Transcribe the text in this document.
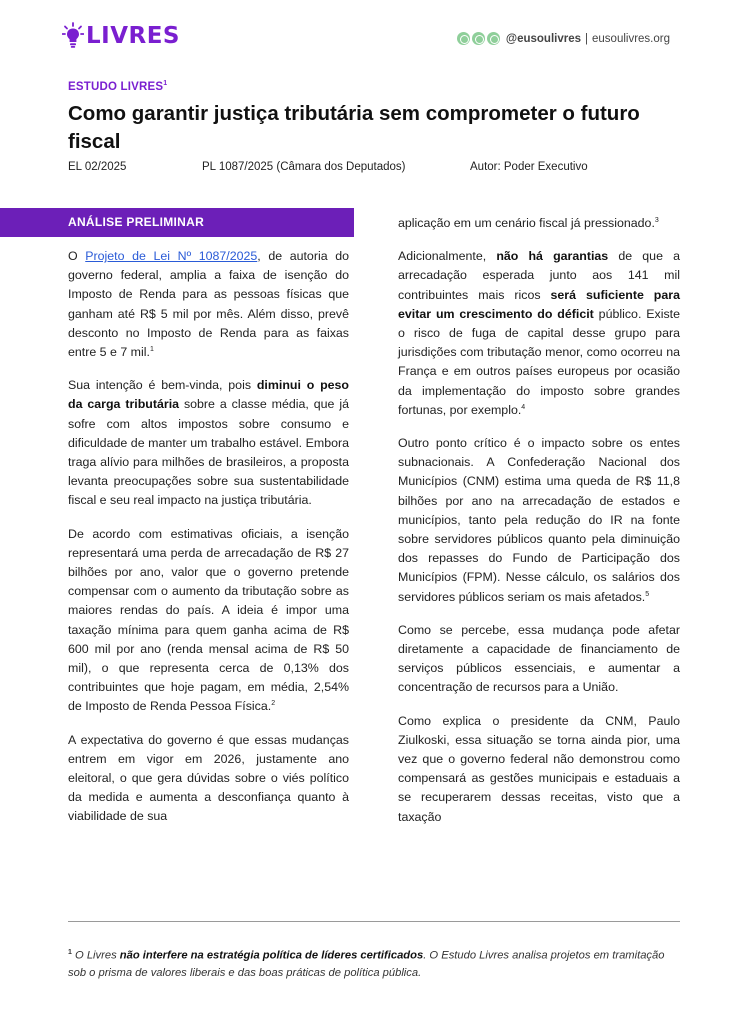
LIVRES	@eusoulivres | eusoulivres.org
ESTUDO LIVRES$^1$
Como garantir justiça tributária sem comprometer o futuro fiscal
EL 02/2025	PL 1087/2025 (Câmara dos Deputados)	Autor: Poder Executivo
ANÁLISE PRELIMINAR

O Projeto de Lei Nº 1087/2025, de autoria do governo federal, amplia a faixa de isenção do Imposto de Renda para as pessoas físicas que ganham até R$ 5 mil por mês. Além disso, prevê desconto no Imposto de Renda para as faixas entre 5 e 7 mil.$^1$

Sua intenção é bem-vinda, pois diminui o peso da carga tributária sobre a classe média, que já sofre com altos impostos sobre consumo e dificuldade de manter um trabalho estável. Embora traga alívio para milhões de brasileiros, a proposta levanta preocupações sobre sua sustentabilidade fiscal e seu real impacto na justiça tributária.

De acordo com estimativas oficiais, a isenção representará uma perda de arrecadação de R$ 27 bilhões por ano, valor que o governo pretende compensar com o aumento da tributação sobre as maiores rendas do país. A ideia é impor uma taxação mínima para quem ganha acima de R$ 600 mil por ano (renda mensal acima de R$ 50 mil), o que representa cerca de 0,13% dos contribuintes que hoje pagam, em média, 2,54% de Imposto de Renda Pessoa Física.$^2$

A expectativa do governo é que essas mudanças entrem em vigor em 2026, justamente ano eleitoral, o que gera dúvidas sobre o viés político da medida e aumenta a desconfiança quanto à viabilidade de sua

aplicação em um cenário fiscal já pressionado.$^3$

Adicionalmente, não há garantias de que a arrecadação esperada junto aos 141 mil contribuintes mais ricos será suficiente para evitar um crescimento do déficit público. Existe o risco de fuga de capital desse grupo para jurisdições com tributação menor, como ocorreu na França e em outros países europeus por ocasião da implementação do imposto sobre grandes fortunas, por exemplo.$^4$

Outro ponto crítico é o impacto sobre os entes subnacionais. A Confederação Nacional dos Municípios (CNM) estima uma queda de R$ 11,8 bilhões por ano na arrecadação de estados e municípios, tanto pela redução do IR na fonte sobre servidores públicos quanto pela diminuição dos repasses do Fundo de Participação dos Municípios (FPM). Nesse cálculo, os salários dos servidores públicos seriam os mais afetados.$^5$

Como se percebe, essa mudança pode afetar diretamente a capacidade de financiamento de serviços públicos essenciais, e aumentar a concentração de recursos para a União.

Como explica o presidente da CNM, Paulo Ziulkoski, essa situação se torna ainda pior, uma vez que o governo federal não demonstrou como compensará as gestões municipais e estaduais a se recuperarem dessas receitas, visto que a taxação

$^1$ O Livres não interfere na estratégia política de líderes certificados. O Estudo Livres analisa projetos em tramitação sob o prisma de valores liberais e das boas práticas de política pública.
